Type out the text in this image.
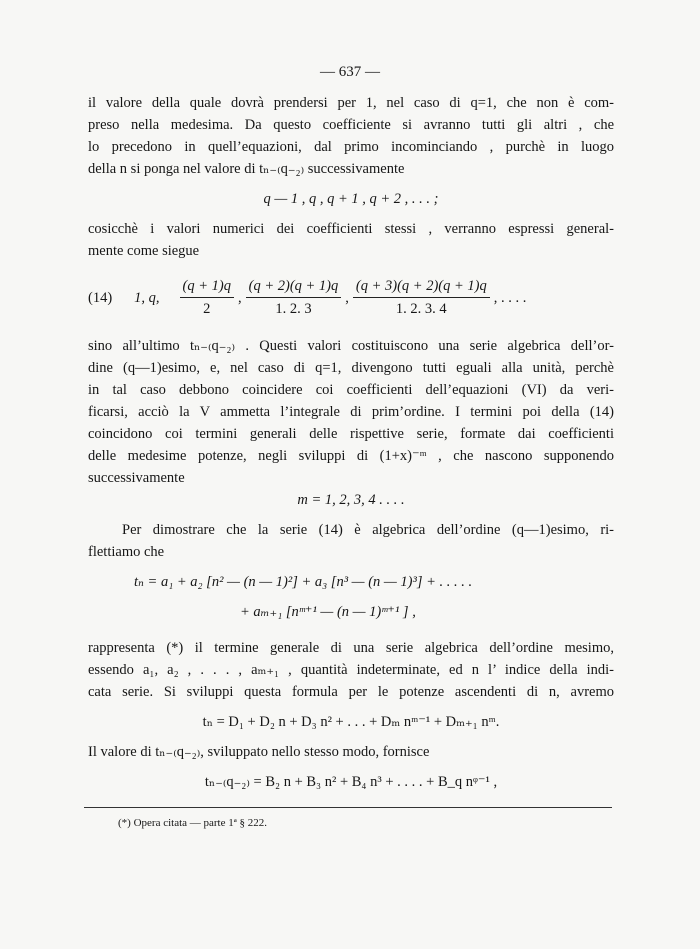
— 637 —
il valore della quale dovrà prendersi per 1, nel caso di q=1, che non è com-
preso nella medesima. Da questo coefficiente si avranno tutti gli altri , che
lo precedono in quell’equazioni, dal primo incominciando , purchè in luogo
della n si ponga nel valore di tₙ₋₍q₋₂₎ successivamente
q — 1 , q , q + 1 , q + 2 , . . . ;
cosicchè i valori numerici dei coefficienti stessi , verranno espressi general-
mente come siegue
(14) 1, q, $\frac{(q + 1)q}{2}$ , $\frac{(q + 2)(q + 1)q}{1. 2. 3}$ , $\frac{(q + 3)(q + 2)(q + 1)q}{1. 2. 3. 4}$ , . . . .
sino all’ultimo tₙ₋₍q₋₂₎ . Questi valori costituiscono una serie algebrica dell’or-
dine (q—1)esimo, e, nel caso di q=1, divengono tutti eguali alla unità, perchè
in tal caso debbono coincidere coi coefficienti dell’equazioni (VI) da veri-
ficarsi, acciò la V ammetta l’integrale di prim’ordine. I termini poi della (14)
coincidono coi termini generali delle rispettive serie, formate dai coefficienti
delle medesime potenze, negli sviluppi di (1+x)⁻ᵐ , che nascono supponendo
successivamente
m = 1, 2, 3, 4 . . . .
Per dimostrare che la serie (14) è algebrica dell’ordine (q—1)esimo, ri-
flettiamo che
tₙ = a₁ + a₂ [n² — (n — 1)²] + a₃ [n³ — (n — 1)³] + . . . . .
+ aₘ₊₁ [nᵐ⁺¹ — (n — 1)ᵐ⁺¹ ] ,
rappresenta (*) il termine generale di una serie algebrica dell’ordine mesimo,
essendo a₁, a₂ , . . . , aₘ₊₁ , quantità indeterminate, ed n l’ indice della indi-
cata serie. Si sviluppi questa formula per le potenze ascendenti di n, avremo
tₙ = D₁ + D₂ n + D₃ n² + . . . + Dₘ nᵐ⁻¹ + Dₘ₊₁ nᵐ.
Il valore di tₙ₋₍q₋₂₎, sviluppato nello stesso modo, fornisce
tₙ₋₍q₋₂₎ = B₂ n + B₃ n² + B₄ n³ + . . . . + B_q nᵠ⁻¹ ,
(*) Opera citata — parte 1ª § 222.
